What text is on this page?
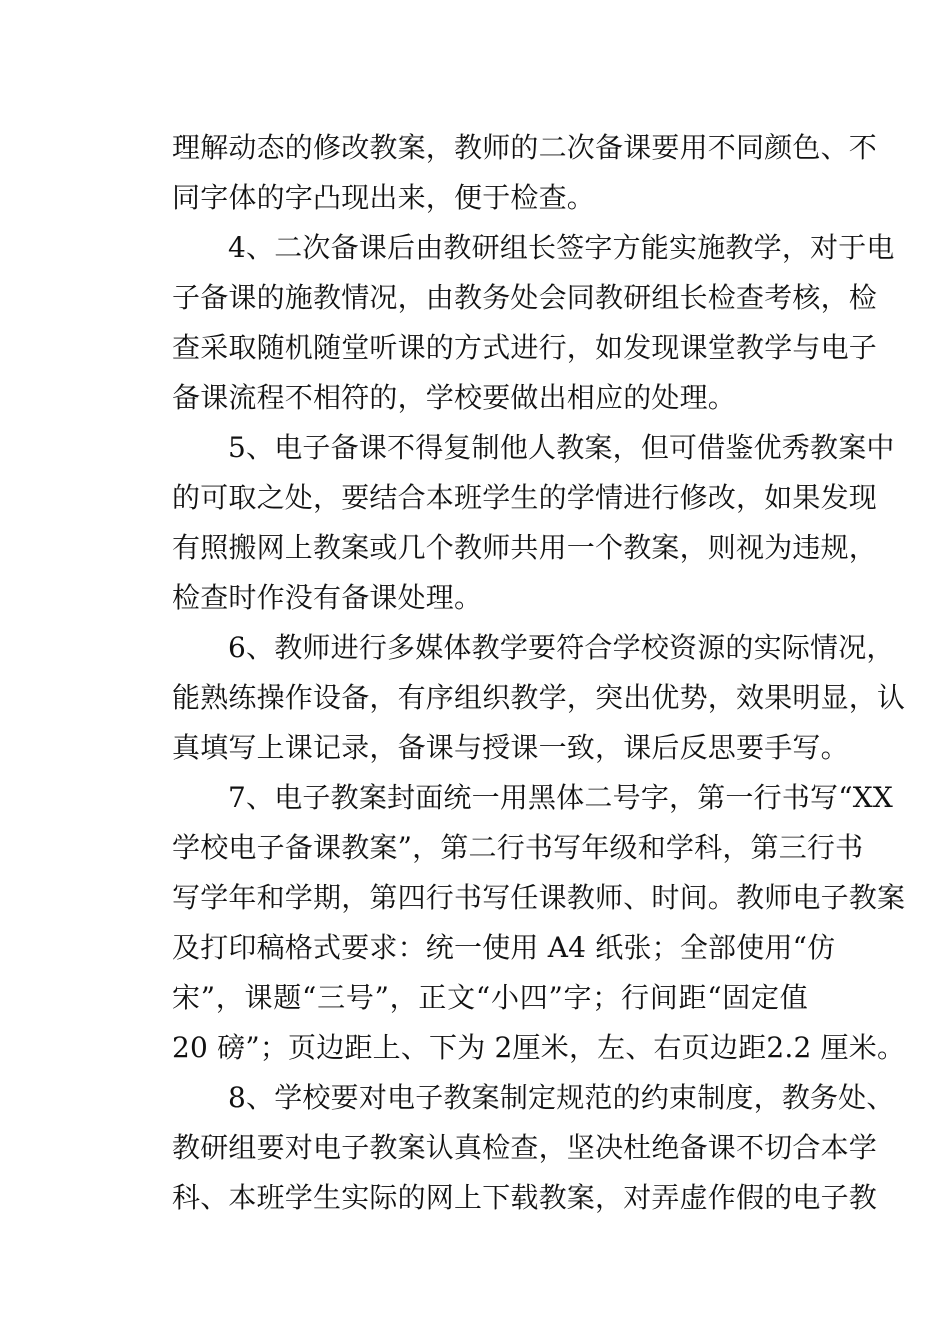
理解动态的修改教案，教师的二次备课要用不同颜色、不
同字体的字凸现出来，便于检查。
4、二次备课后由教研组长签字方能实施教学，对于电
子备课的施教情况，由教务处会同教研组长检查考核，检
查采取随机随堂听课的方式进行，如发现课堂教学与电子
备课流程不相符的，学校要做出相应的处理。
5、电子备课不得复制他人教案，但可借鉴优秀教案中
的可取之处，要结合本班学生的学情进行修改，如果发现
有照搬网上教案或几个教师共用一个教案，则视为违规，
检查时作没有备课处理。
6、教师进行多媒体教学要符合学校资源的实际情况，
能熟练操作设备，有序组织教学，突出优势，效果明显，认
真填写上课记录，备课与授课一致，课后反思要手写。
7、电子教案封面统一用黑体二号字，第一行书写“XX
学校电子备课教案”，第二行书写年级和学科，第三行书
写学年和学期，第四行书写任课教师、时间。教师电子教案
及打印稿格式要求：统一使用 A4 纸张；全部使用“仿
宋”，课题“三号”，正文“小四”字；行间距“固定值
20 磅”；页边距上、下为 2厘米，左、右页边距2.2 厘米。
8、学校要对电子教案制定规范的约束制度，教务处、
教研组要对电子教案认真检查，坚决杜绝备课不切合本学
科、本班学生实际的网上下载教案，对弄虚作假的电子教
